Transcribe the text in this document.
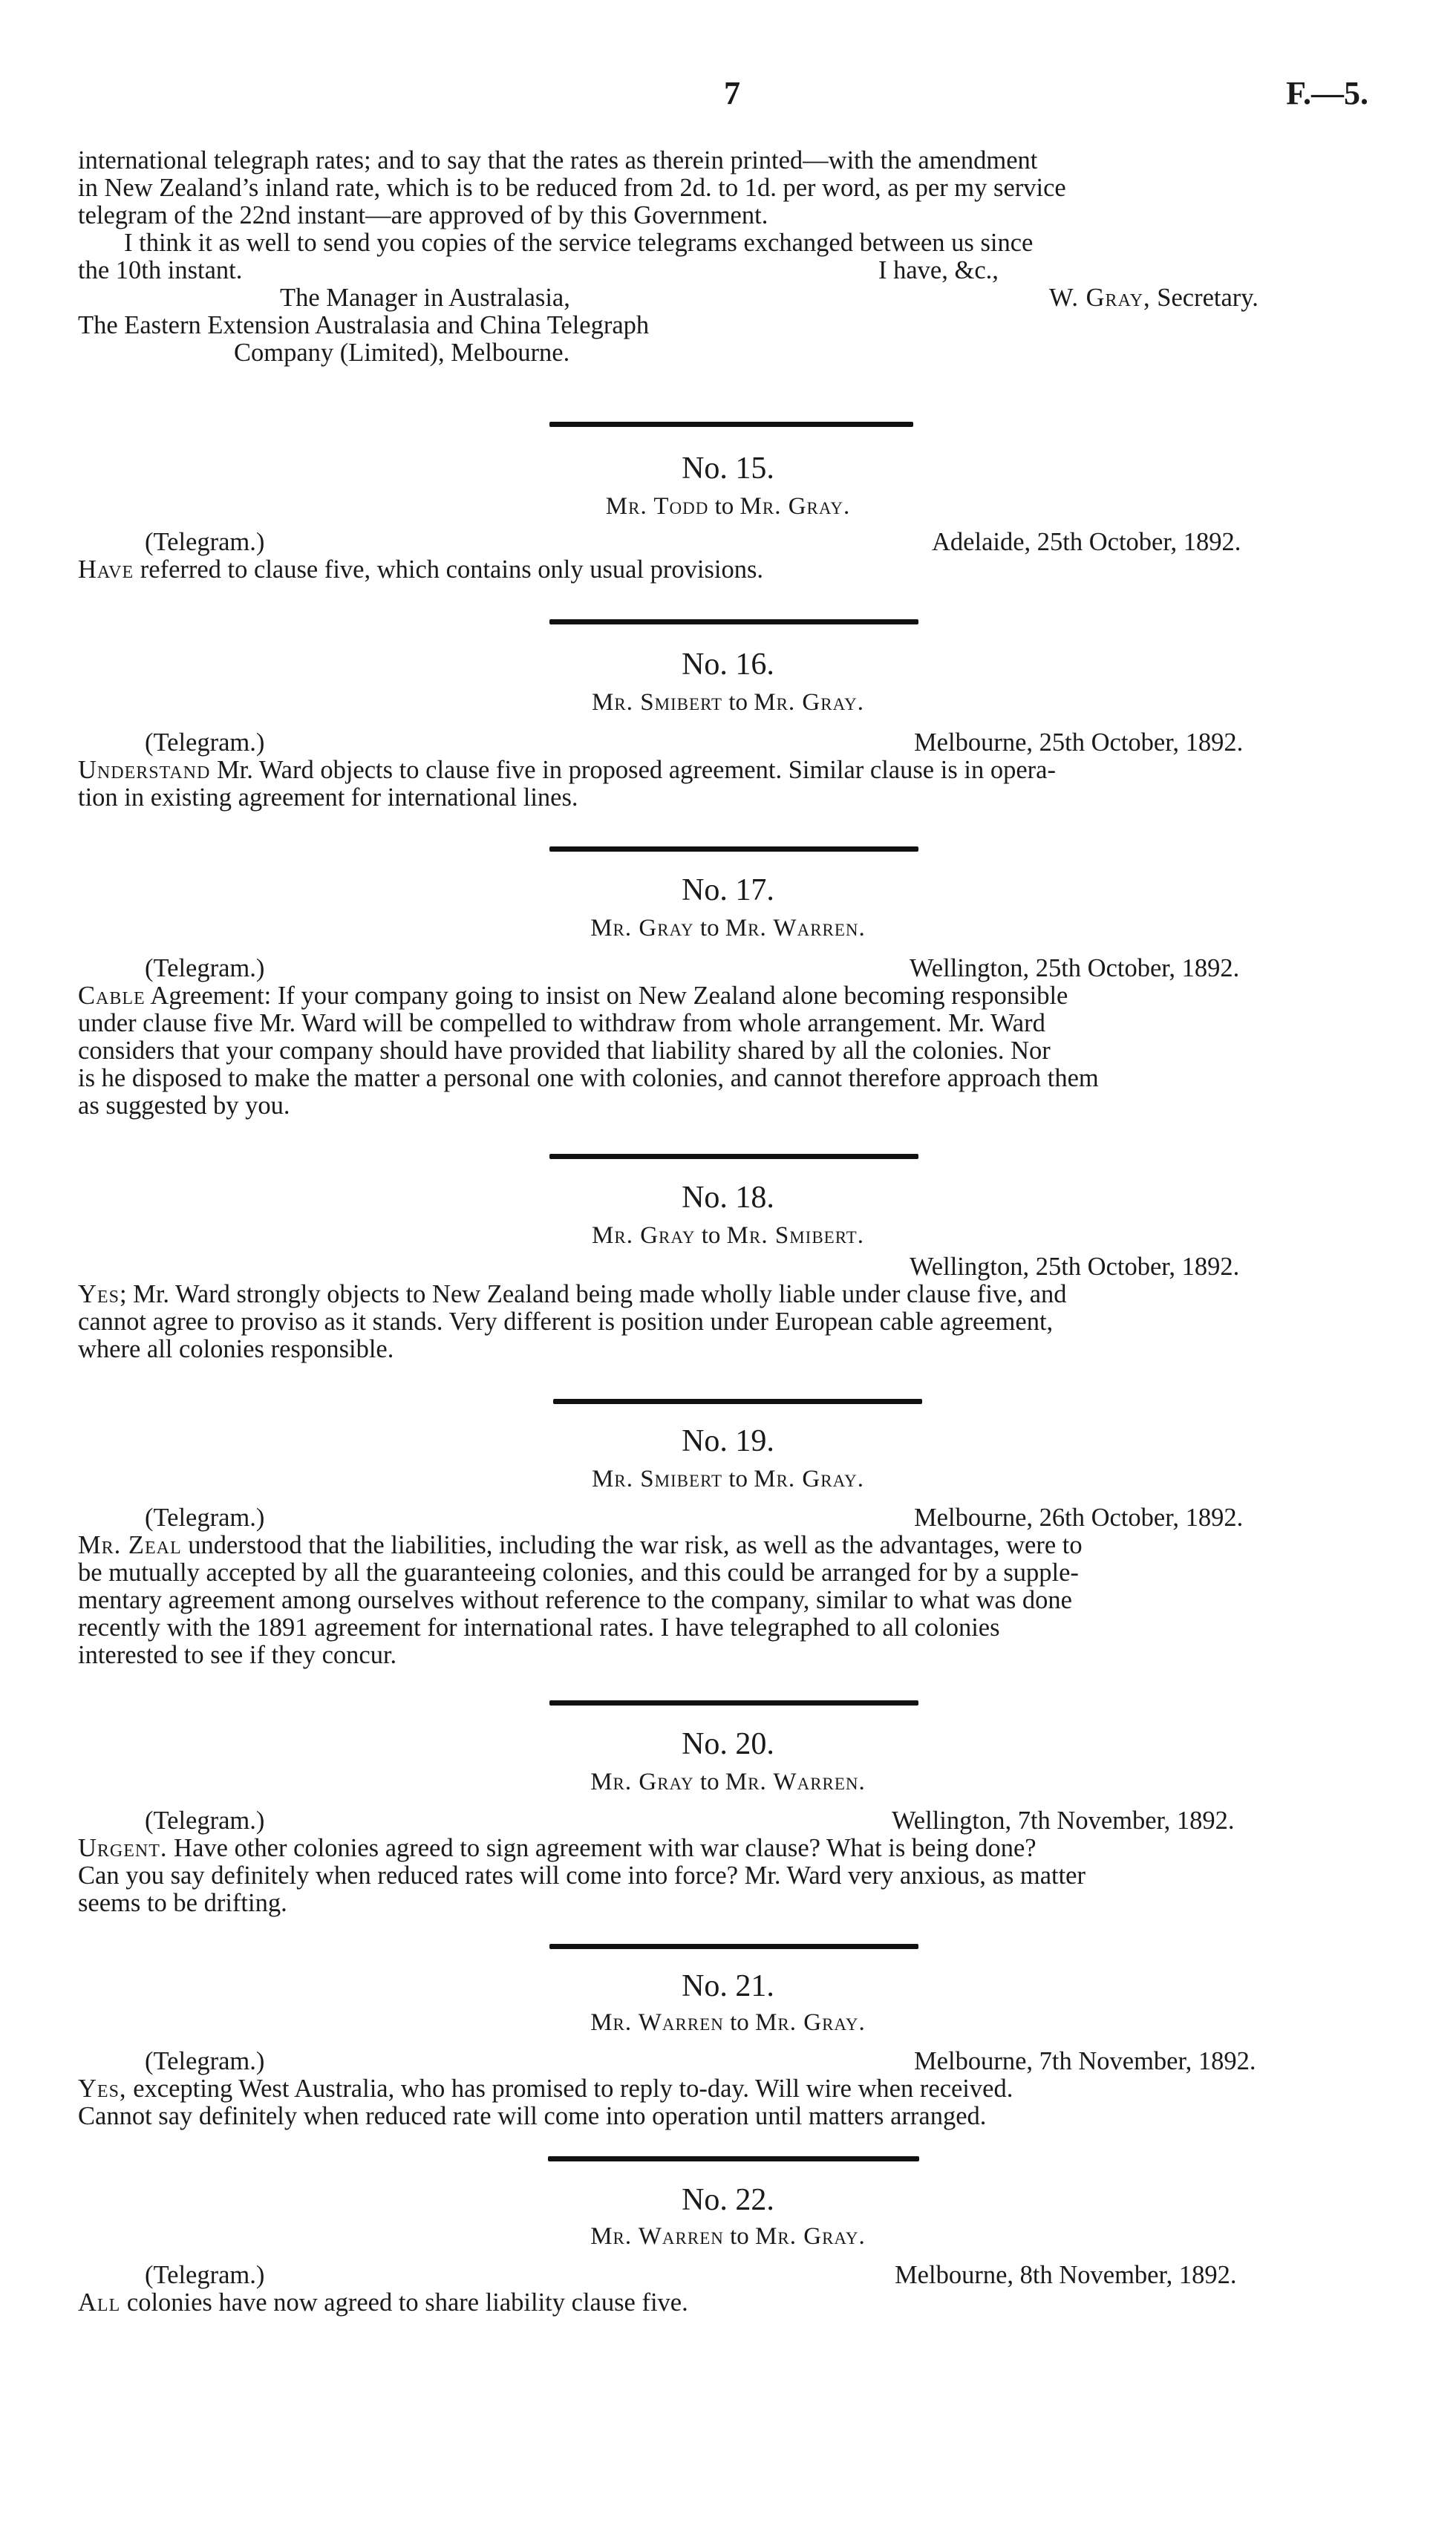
7	F.—5.

international telegraph rates; and to say that the rates as therein printed—with the amendment

in New Zealand’s inland rate, which is to be reduced from 2d. to 1d. per word, as per my service

telegram of the 22nd instant—are approved of by this Government.

I think it as well to send you copies of the service telegrams exchanged between us since

the 10th instant.	I have, &c.,
The Manager in Australasia,	W. Gray, Secretary.
The Eastern Extension Australasia and China Telegraph
Company (Limited), Melbourne.
No. 15.
Mr. Todd to Mr. Gray.
(Telegram.)	Adelaide, 25th October, 1892.

Have referred to clause five, which contains only usual provisions.

No. 16.
Mr. Smibert to Mr. Gray.
(Telegram.)	Melbourne, 25th October, 1892.

Understand Mr. Ward objects to clause five in proposed agreement. Similar clause is in opera-

tion in existing agreement for international lines.

No. 17.
Mr. Gray to Mr. Warren.
(Telegram.)	Wellington, 25th October, 1892.

Cable Agreement: If your company going to insist on New Zealand alone becoming responsible

under clause five Mr. Ward will be compelled to withdraw from whole arrangement. Mr. Ward

considers that your company should have provided that liability shared by all the colonies. Nor

is he disposed to make the matter a personal one with colonies, and cannot therefore approach them

as suggested by you.

No. 18.
Mr. Gray to Mr. Smibert.
Wellington, 25th October, 1892.

Yes; Mr. Ward strongly objects to New Zealand being made wholly liable under clause five, and

cannot agree to proviso as it stands. Very different is position under European cable agreement,

where all colonies responsible.

No. 19.
Mr. Smibert to Mr. Gray.
(Telegram.)	Melbourne, 26th October, 1892.

Mr. Zeal understood that the liabilities, including the war risk, as well as the advantages, were to

be mutually accepted by all the guaranteeing colonies, and this could be arranged for by a supple-

mentary agreement among ourselves without reference to the company, similar to what was done

recently with the 1891 agreement for international rates. I have telegraphed to all colonies

interested to see if they concur.

No. 20.
Mr. Gray to Mr. Warren.
(Telegram.)	Wellington, 7th November, 1892.

Urgent. Have other colonies agreed to sign agreement with war clause? What is being done?

Can you say definitely when reduced rates will come into force? Mr. Ward very anxious, as matter

seems to be drifting.

No. 21.
Mr. Warren to Mr. Gray.
(Telegram.)	Melbourne, 7th November, 1892.

Yes, excepting West Australia, who has promised to reply to-day. Will wire when received.

Cannot say definitely when reduced rate will come into operation until matters arranged.

No. 22.
Mr. Warren to Mr. Gray.
(Telegram.)	Melbourne, 8th November, 1892.

All colonies have now agreed to share liability clause five.
